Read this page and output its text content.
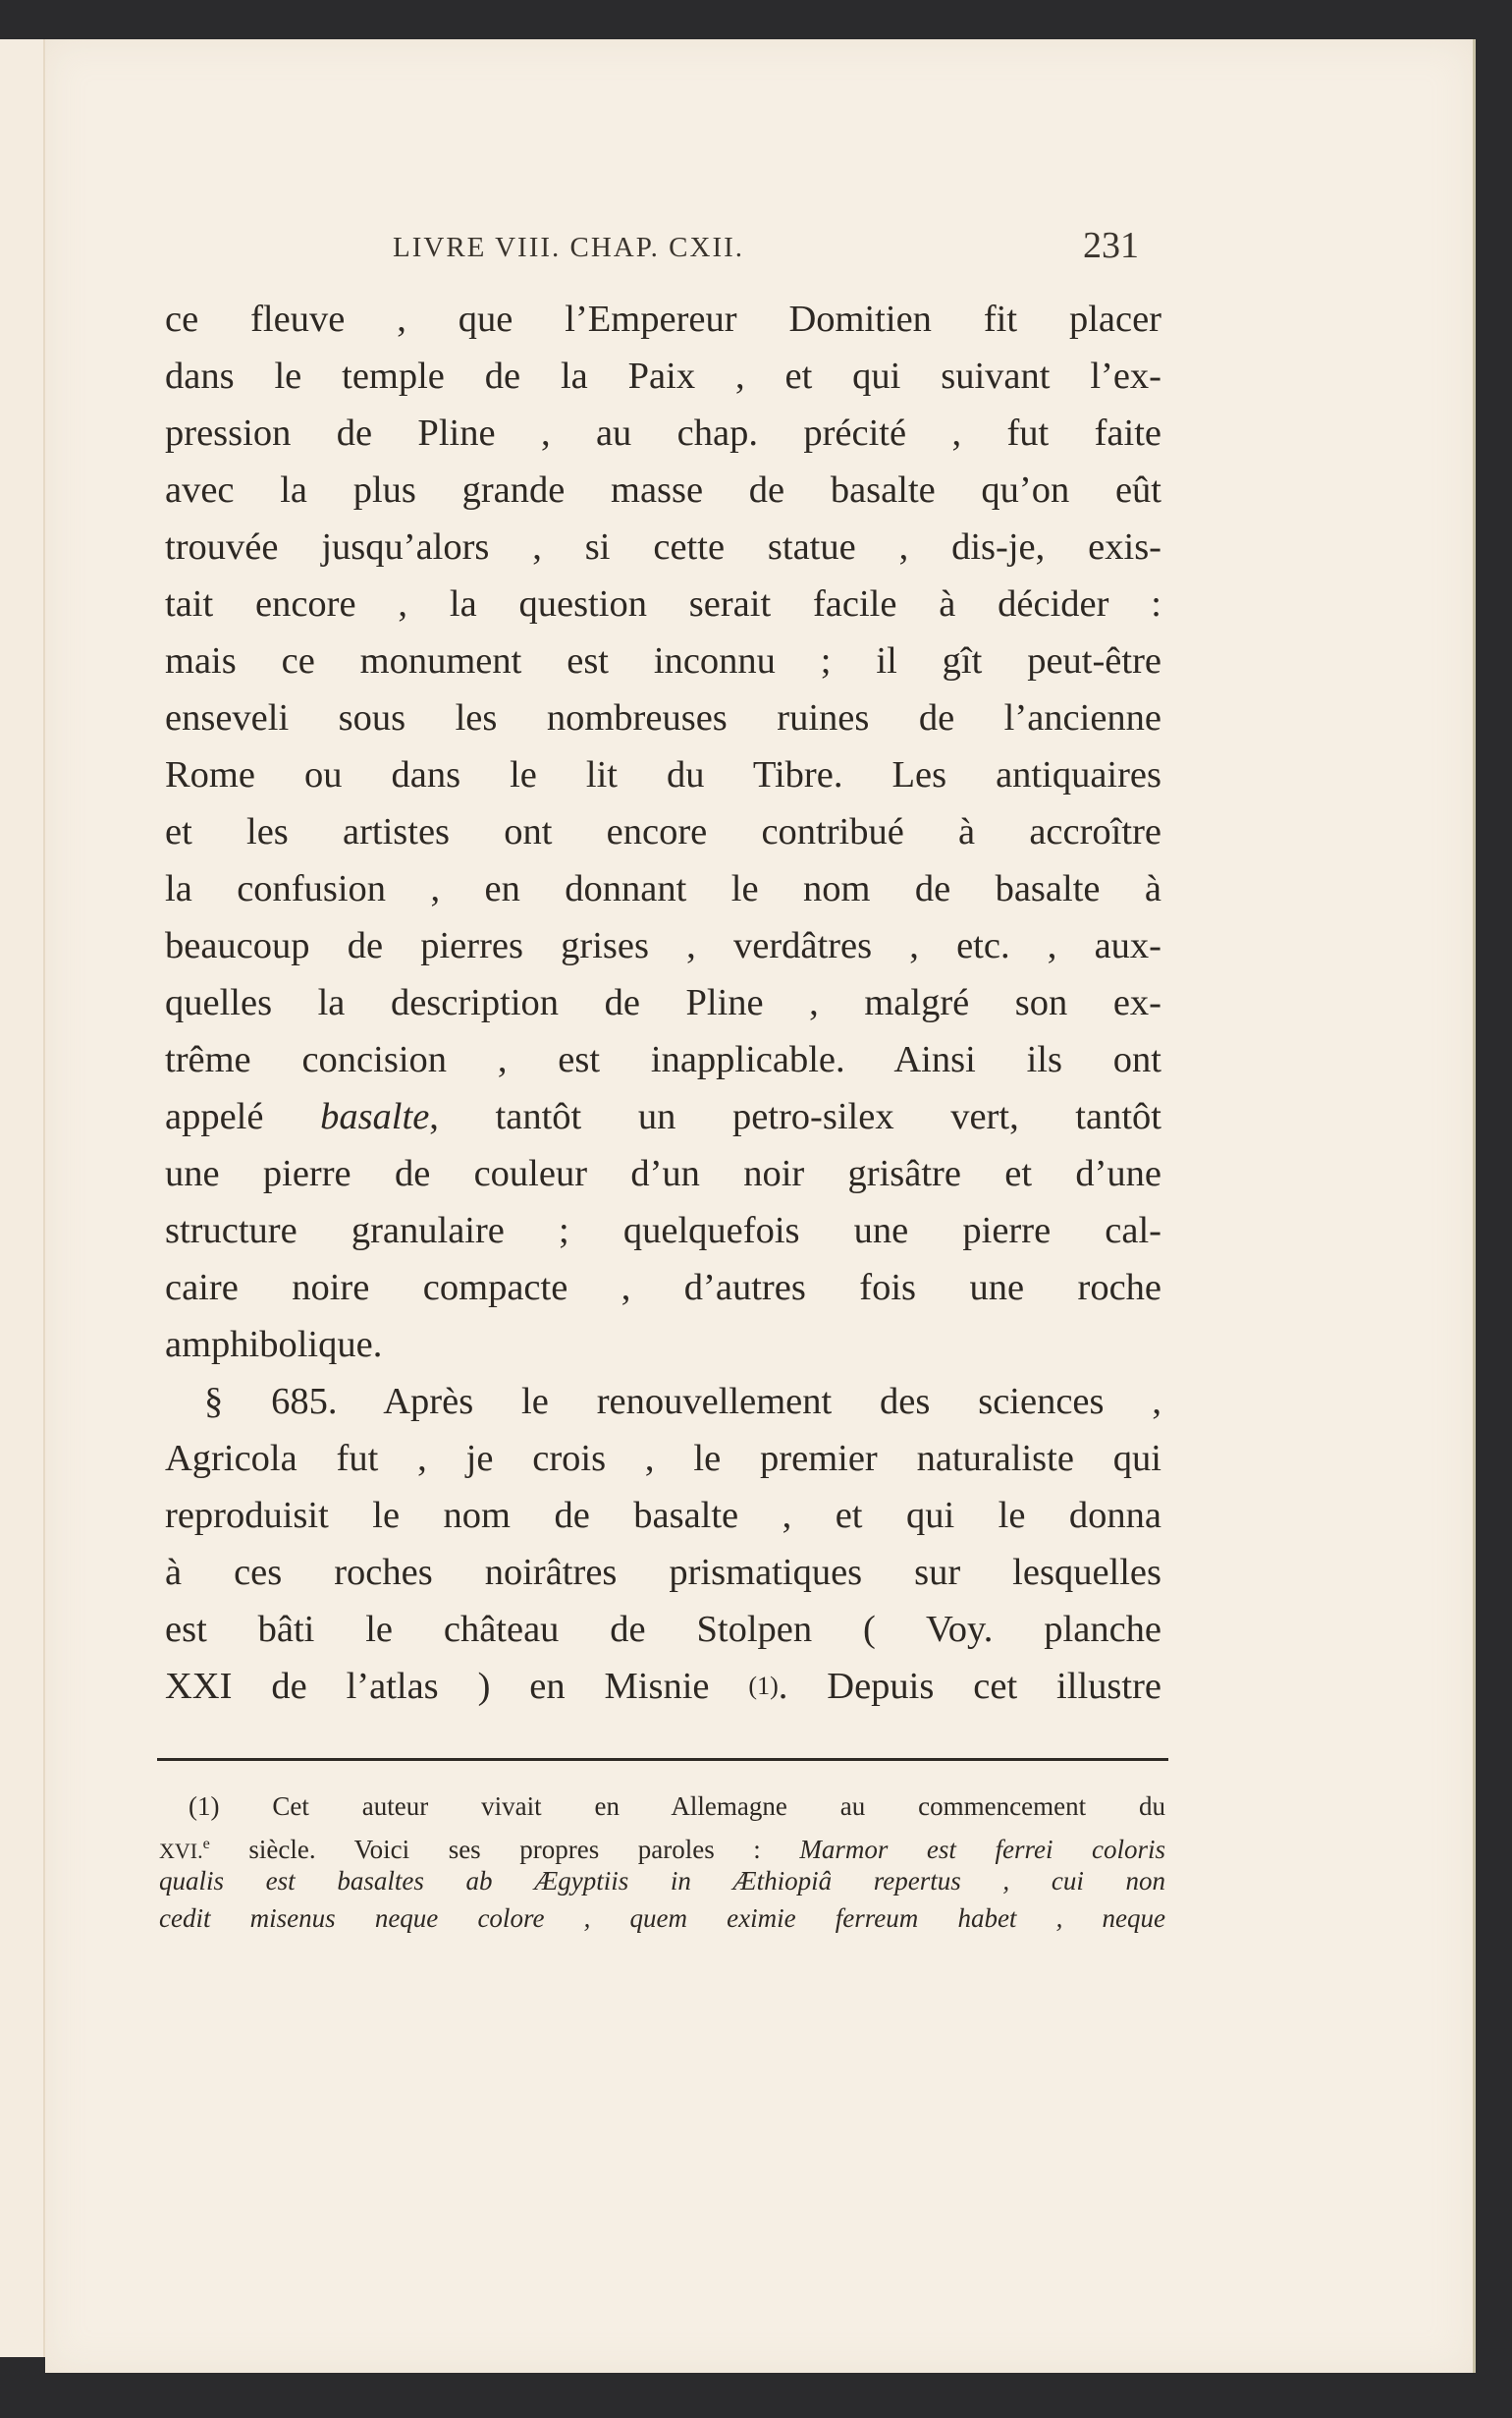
LIVRE VIII. CHAP. CXII.	231
ce fleuve , que l’Empereur Domitien fit placer
dans le temple de la Paix , et qui suivant l’ex-
pression de Pline , au chap. précité , fut faite
avec la plus grande masse de basalte qu’on eût
trouvée jusqu’alors , si cette statue , dis-je, exis-
tait encore , la question serait facile à décider :
mais ce monument est inconnu ; il gît peut-être
enseveli sous les nombreuses ruines de l’ancienne
Rome ou dans le lit du Tibre. Les antiquaires
et les artistes ont encore contribué à accroître
la confusion , en donnant le nom de basalte à
beaucoup de pierres grises , verdâtres , etc. , aux-
quelles la description de Pline , malgré son ex-
trême concision , est inapplicable. Ainsi ils ont
appelé basalte, tantôt un petro-silex vert, tantôt
une pierre de couleur d’un noir grisâtre et d’une
structure granulaire ; quelquefois une pierre cal-
caire noire compacte , d’autres fois une roche
amphibolique.
§ 685. Après le renouvellement des sciences ,
Agricola fut , je crois , le premier naturaliste qui
reproduisit le nom de basalte , et qui le donna
à ces roches noirâtres prismatiques sur lesquelles
est bâti le château de Stolpen ( Voy. planche
XXI de l’atlas ) en Misnie (1). Depuis cet illustre
(1) Cet auteur vivait en Allemagne au commencement du
XVI.$^e$ siècle. Voici ses propres paroles : Marmor est ferrei coloris
qualis est basaltes ab Ægyptiis in Æthiopiâ repertus , cui non
cedit misenus neque colore , quem eximie ferreum habet , neque
